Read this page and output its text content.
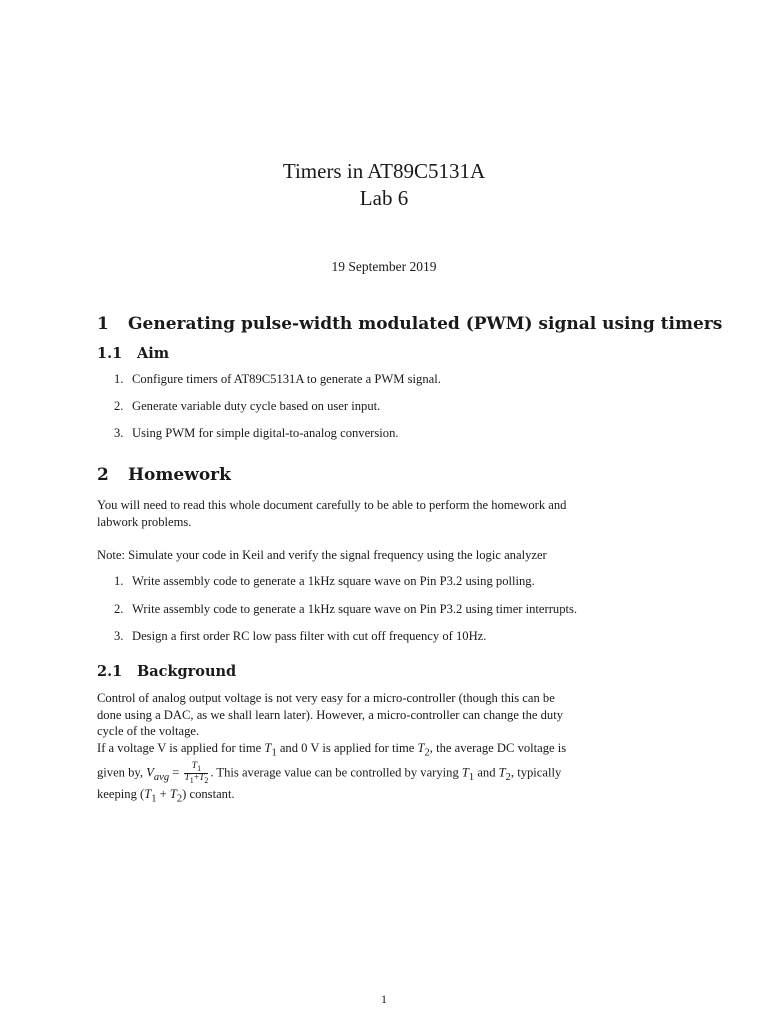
Timers in AT89C5131A
Lab 6
19 September 2019
1 Generating pulse-width modulated (PWM) signal using timers
1.1 Aim
1. Configure timers of AT89C5131A to generate a PWM signal.
2. Generate variable duty cycle based on user input.
3. Using PWM for simple digital-to-analog conversion.
2 Homework
You will need to read this whole document carefully to be able to perform the homework and
labwork problems.
Note: Simulate your code in Keil and verify the signal frequency using the logic analyzer
1. Write assembly code to generate a 1kHz square wave on Pin P3.2 using polling.
2. Write assembly code to generate a 1kHz square wave on Pin P3.2 using timer interrupts.
3. Design a first order RC low pass filter with cut off frequency of 10Hz.
2.1 Background
Control of analog output voltage is not very easy for a micro-controller (though this can be
done using a DAC, as we shall learn later). However, a micro-controller can change the duty
cycle of the voltage.
If a voltage V is applied for time $T_1$ and 0 V is applied for time $T_2$, the average DC voltage is
given by, $V_{avg} = \frac{T_1}{T_1+T_2}$ . This average value can be controlled by varying $T_1$ and $T_2$, typically
keeping $(T_1 + T_2)$ constant.
1
